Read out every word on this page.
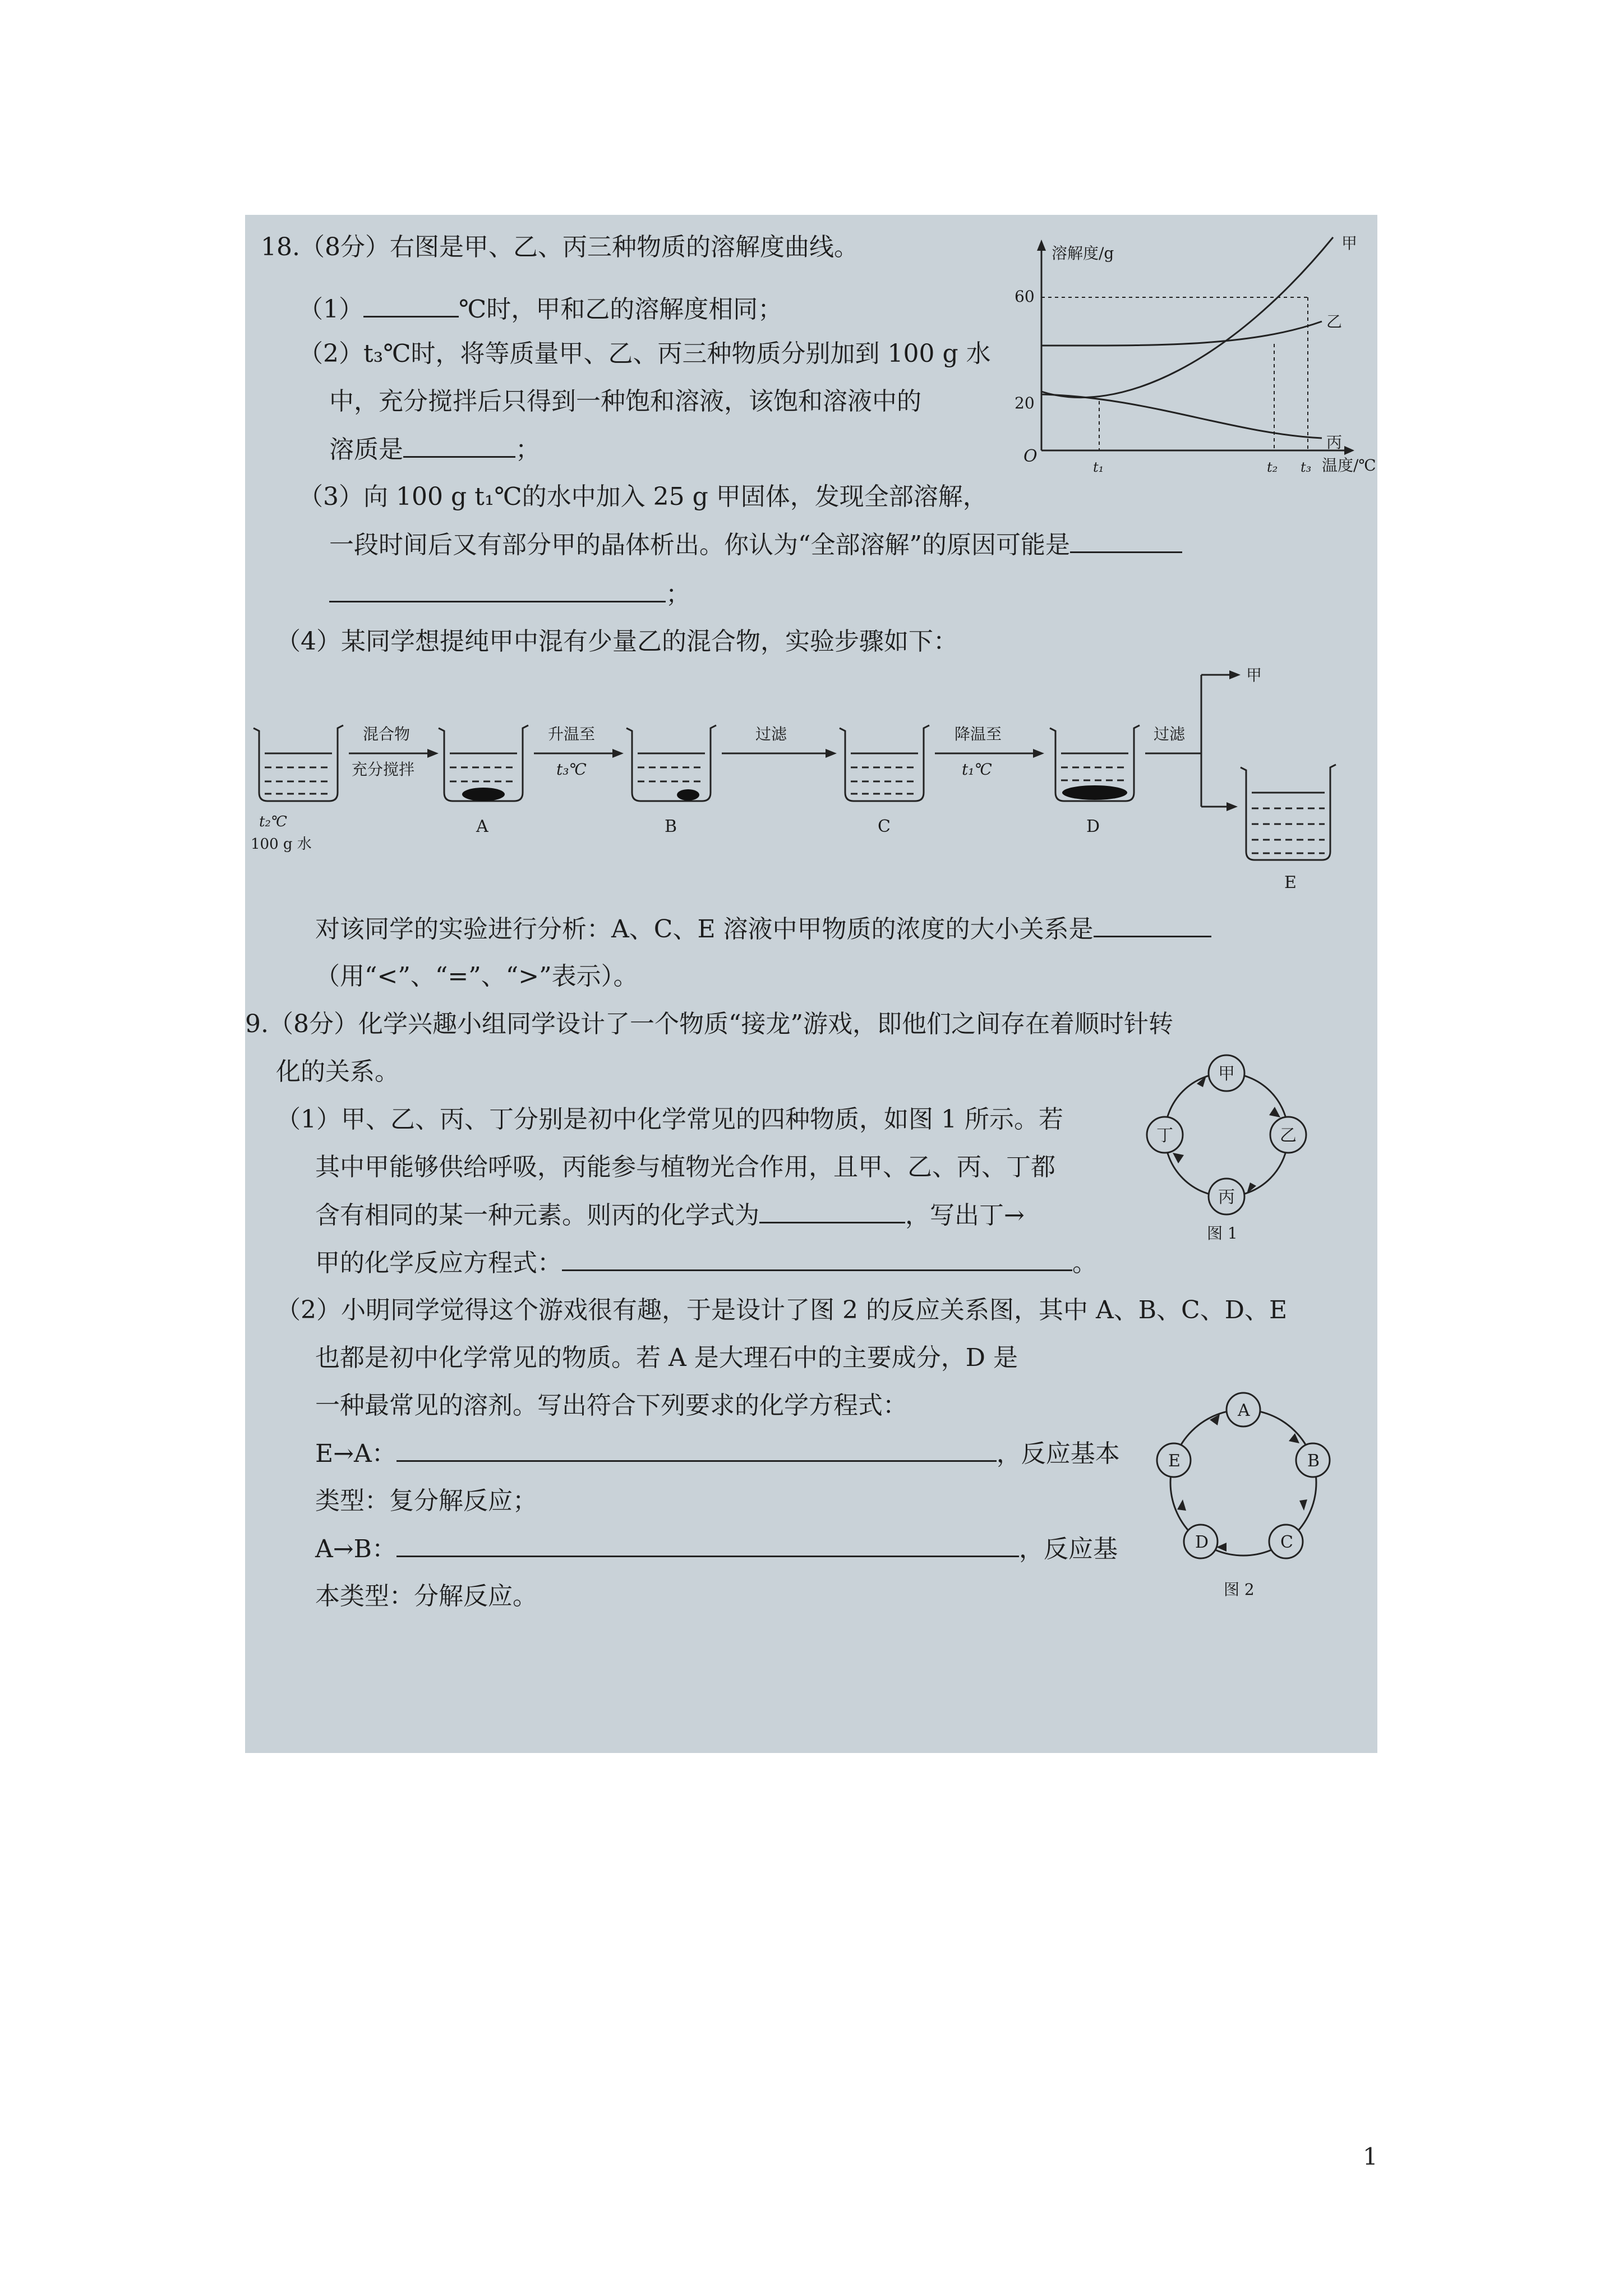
18.（8分）右图是甲、乙、丙三种物质的溶解度曲线。
（1）	℃时，甲和乙的溶解度相同；
（2）t₃℃时，将等质量甲、乙、丙三种物质分别加到 100 g 水
中，充分搅拌后只得到一种饱和溶液，该饱和溶液中的
溶质是	；
（3）向 100 g t₁℃的水中加入 25 g 甲固体，发现全部溶解，
一段时间后又有部分甲的晶体析出。你认为“全部溶解”的原因可能是
；
（4）某同学想提纯甲中混有少量乙的混合物，实验步骤如下：
溶解度/g
温度/℃
O
60
20
甲
乙
丙
t₁	t₂ t₃
t₂℃
100 g 水
混合物
充分搅拌
A
升温至
t₃℃
B
过滤
C
降温至
t₁℃
D
过滤
甲
E
对该同学的实验进行分析：A、C、E 溶液中甲物质的浓度的大小关系是
（用“<”、“=”、“>”表示）。
9.（8分）化学兴趣小组同学设计了一个物质“接龙”游戏，即他们之间存在着顺时针转
化的关系。
（1）甲、乙、丙、丁分别是初中化学常见的四种物质，如图 1 所示。若
其中甲能够供给呼吸，丙能参与植物光合作用，且甲、乙、丙、丁都
含有相同的某一种元素。则丙的化学式为	，写出丁→
甲的化学反应方程式：	。
（2）小明同学觉得这个游戏很有趣，于是设计了图 2 的反应关系图，其中 A、B、C、D、E
也都是初中化学常见的物质。若 A 是大理石中的主要成分，D 是
一种最常见的溶剂。写出符合下列要求的化学方程式：
E→A：	，反应基本
类型：复分解反应；
A→B：	，反应基
本类型：分解反应。
甲
乙
丙
丁
图 1
A
B
C
D
E
图 2
1
